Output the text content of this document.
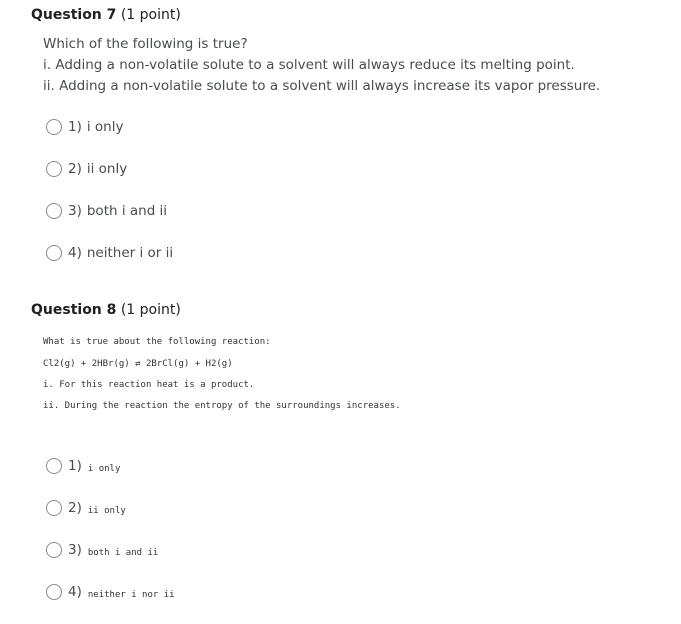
Question 7 (1 point)
Which of the following is true?
i. Adding a non-volatile solute to a solvent will always reduce its melting point.
ii. Adding a non-volatile solute to a solvent will always increase its vapor pressure.
1) i only
2) ii only
3) both i and ii
4) neither i or ii
Question 8 (1 point)
What is true about the following reaction:
Cl2(g) + 2HBr(g) ⇄ 2BrCl(g) + H2(g)
i. For this reaction heat is a product.
ii. During the reaction the entropy of the surroundings increases.
1) i only
2) ii only
3) both i and ii
4) neither i nor ii
